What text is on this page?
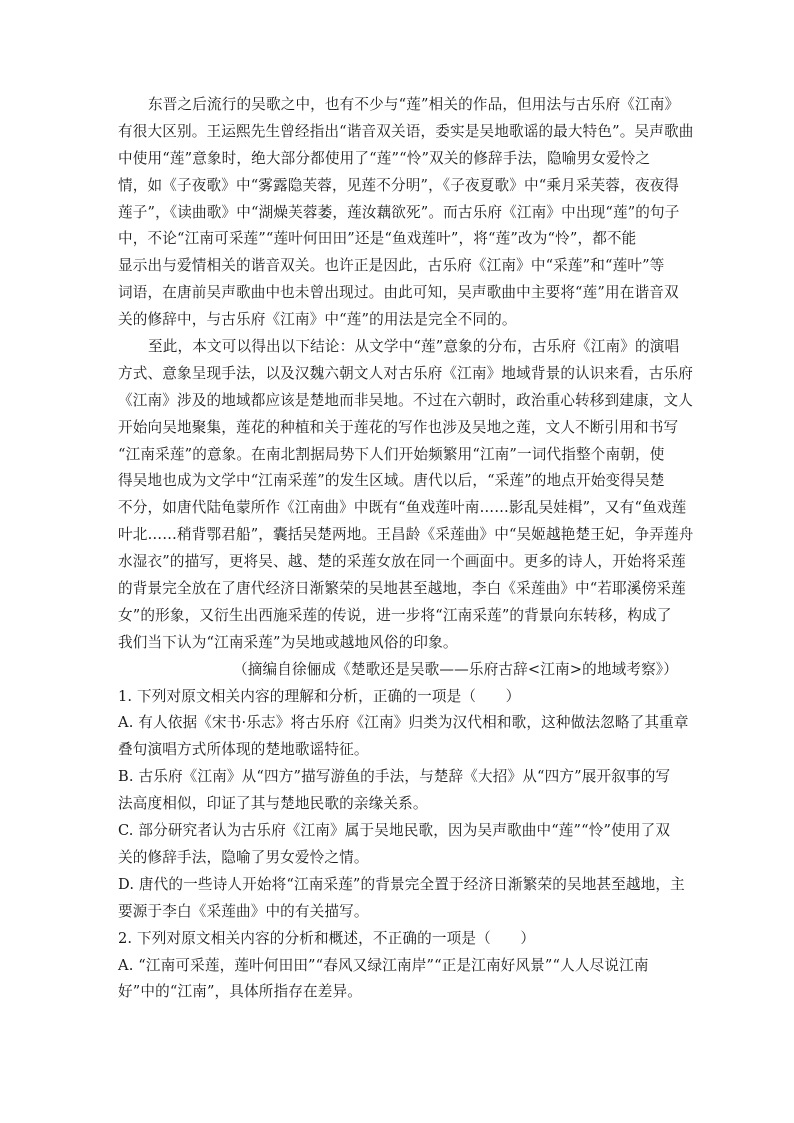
东晋之后流行的吴歌之中，也有不少与“莲”相关的作品，但用法与古乐府《江南》
有很大区别。王运熙先生曾经指出“谐音双关语，委实是吴地歌谣的最大特色”。吴声歌曲
中使用“莲”意象时，绝大部分都使用了“莲”“怜”双关的修辞手法，隐喻男女爱怜之
情，如《子夜歌》中“雾露隐芙蓉，见莲不分明”，《子夜夏歌》中“乘月采芙蓉，夜夜得
莲子”，《读曲歌》中“湖燥芙蓉萎，莲汝藕欲死”。而古乐府《江南》中出现“莲”的句子
中，不论“江南可采莲”“莲叶何田田”还是“鱼戏莲叶”，将“莲”改为“怜”，都不能
显示出与爱情相关的谐音双关。也许正是因此，古乐府《江南》中“采莲”和“莲叶”等
词语，在唐前吴声歌曲中也未曾出现过。由此可知，吴声歌曲中主要将“莲”用在谐音双
关的修辞中，与古乐府《江南》中“莲”的用法是完全不同的。
至此，本文可以得出以下结论：从文学中“莲”意象的分布，古乐府《江南》的演唱
方式、意象呈现手法，以及汉魏六朝文人对古乐府《江南》地域背景的认识来看，古乐府
《江南》涉及的地域都应该是楚地而非吴地。不过在六朝时，政治重心转移到建康，文人
开始向吴地聚集，莲花的种植和关于莲花的写作也涉及吴地之莲，文人不断引用和书写
“江南采莲”的意象。在南北割据局势下人们开始频繁用“江南”一词代指整个南朝，使
得吴地也成为文学中“江南采莲”的发生区域。唐代以后，“采莲”的地点开始变得吴楚
不分，如唐代陆龟蒙所作《江南曲》中既有“鱼戏莲叶南……影乱吴娃楫”，又有“鱼戏莲
叶北……稍背鄂君船”，囊括吴楚两地。王昌龄《采莲曲》中“吴姬越艳楚王妃，争弄莲舟
水湿衣”的描写，更将吴、越、楚的采莲女放在同一个画面中。更多的诗人，开始将采莲
的背景完全放在了唐代经济日渐繁荣的吴地甚至越地，李白《采莲曲》中“若耶溪傍采莲
女”的形象，又衍生出西施采莲的传说，进一步将“江南采莲”的背景向东转移，构成了
我们当下认为“江南采莲”为吴地或越地风俗的印象。
（摘编自徐俪成《楚歌还是吴歌——乐府古辞<江南>的地域考察》）
1. 下列对原文相关内容的理解和分析，正确的一项是（　　）
A. 有人依据《宋书·乐志》将古乐府《江南》归类为汉代相和歌，这种做法忽略了其重章
叠句演唱方式所体现的楚地歌谣特征。
B. 古乐府《江南》从“四方”描写游鱼的手法，与楚辞《大招》从“四方”展开叙事的写
法高度相似，印证了其与楚地民歌的亲缘关系。
C. 部分研究者认为古乐府《江南》属于吴地民歌，因为吴声歌曲中“莲”“怜”使用了双
关的修辞手法，隐喻了男女爱怜之情。
D. 唐代的一些诗人开始将“江南采莲”的背景完全置于经济日渐繁荣的吴地甚至越地，主
要源于李白《采莲曲》中的有关描写。
2. 下列对原文相关内容的分析和概述，不正确的一项是（　　）
A. “江南可采莲，莲叶何田田”“春风又绿江南岸”“正是江南好风景”“人人尽说江南
好”中的“江南”，具体所指存在差异。
